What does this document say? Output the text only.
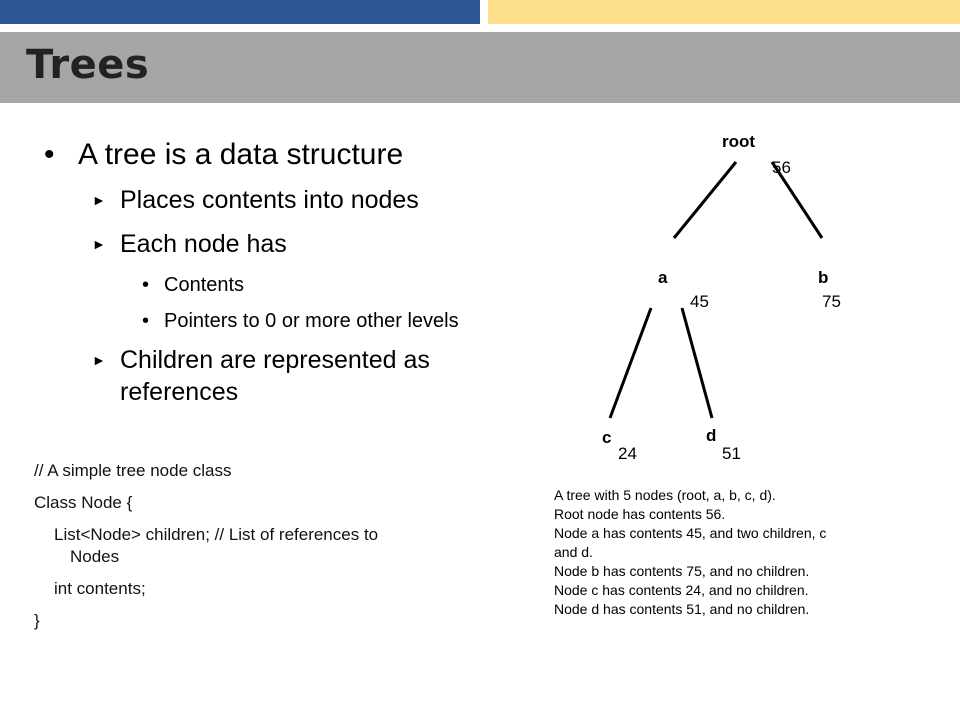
Trees
• A tree is a data structure
► Places contents into nodes
► Each node has
• Contents
• Pointers to 0 or more other levels
► Children are represented as
references
// A simple tree node class
Class Node {
List<Node> children; // List of references to
Nodes
int contents;
}
root
56
a
45
b
75
c
24
d
51
A tree with 5 nodes (root, a, b, c, d).
Root node has contents 56.
Node a has contents 45, and two children, c
and d.
Node b has contents 75, and no children.
Node c has contents 24, and no children.
Node d has contents 51, and no children.
